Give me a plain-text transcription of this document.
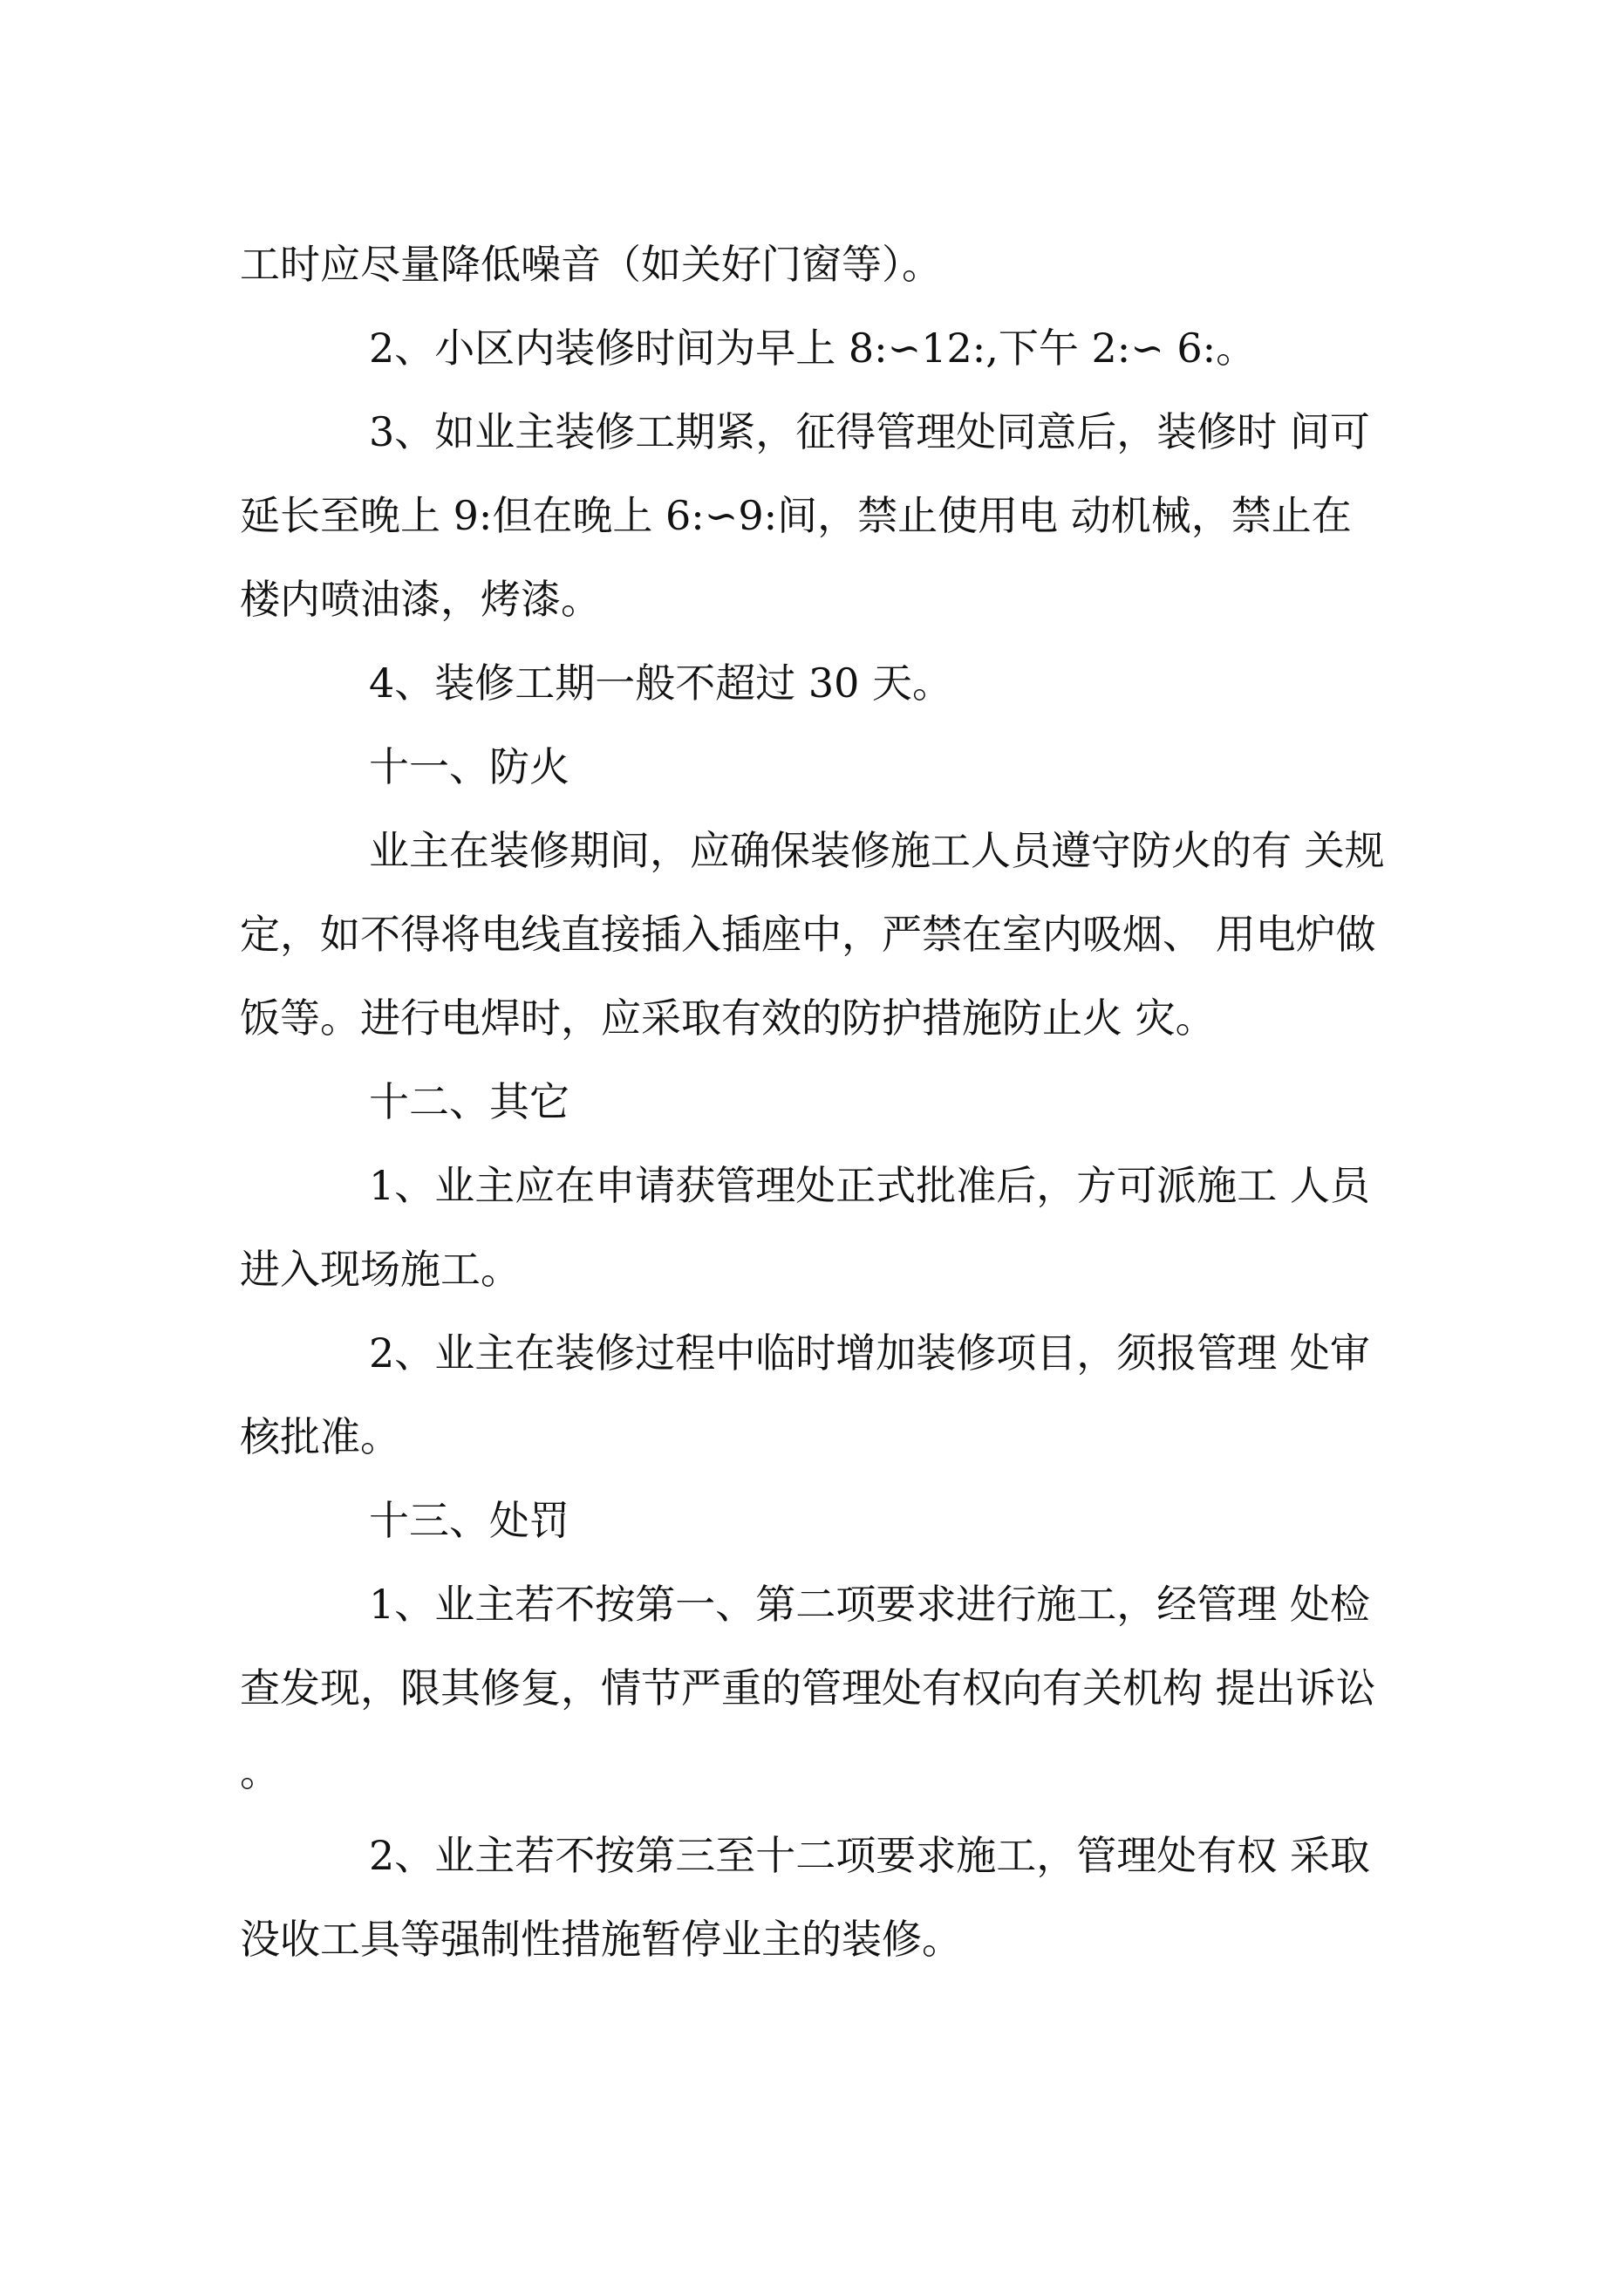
工时应尽量降低噪音（如关好门窗等）。
2、小区内装修时间为早上 8:∽12:,下午 2:∽ 6:。
3、如业主装修工期紧，征得管理处同意后，装修时 间可
延长至晚上 9:但在晚上 6:∽9:间，禁止使用电 动机械，禁止在
楼内喷油漆，烤漆。
4、装修工期一般不超过 30 天。
十一、防火
业主在装修期间，应确保装修施工人员遵守防火的有 关规
定，如不得将电线直接插入插座中，严禁在室内吸烟、 用电炉做
饭等。进行电焊时，应采取有效的防护措施防止火 灾。
十二、其它
1、业主应在申请获管理处正式批准后，方可派施工 人员
进入现场施工。
2、业主在装修过程中临时增加装修项目，须报管理 处审
核批准。
十三、处罚
1、业主若不按第一、第二项要求进行施工，经管理 处检
查发现，限其修复，情节严重的管理处有权向有关机构 提出诉讼
。
2、业主若不按第三至十二项要求施工，管理处有权 采取
没收工具等强制性措施暂停业主的装修。
